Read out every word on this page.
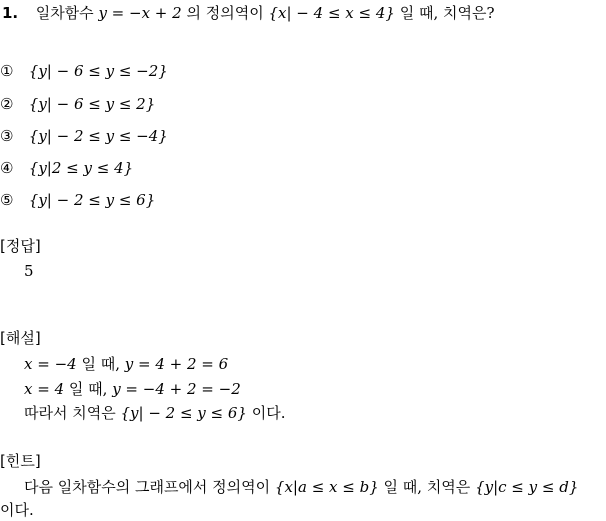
1. 일차함수 y = −x + 2 의 정의역이 {x| − 4 ≤ x ≤ 4} 일 때, 치역은?
① {y| − 6 ≤ y ≤ −2}
② {y| − 6 ≤ y ≤ 2}
③ {y| − 2 ≤ y ≤ −4}
④ {y|2 ≤ y ≤ 4}
⑤ {y| − 2 ≤ y ≤ 6}
[정답]
5
[해설]
x = −4 일 때, y = 4 + 2 = 6
x = 4 일 때, y = −4 + 2 = −2
따라서 치역은 {y| − 2 ≤ y ≤ 6} 이다.
[힌트]
다음 일차함수의 그래프에서 정의역이 {x|a ≤ x ≤ b} 일 때, 치역은 {y|c ≤ y ≤ d}
이다.
